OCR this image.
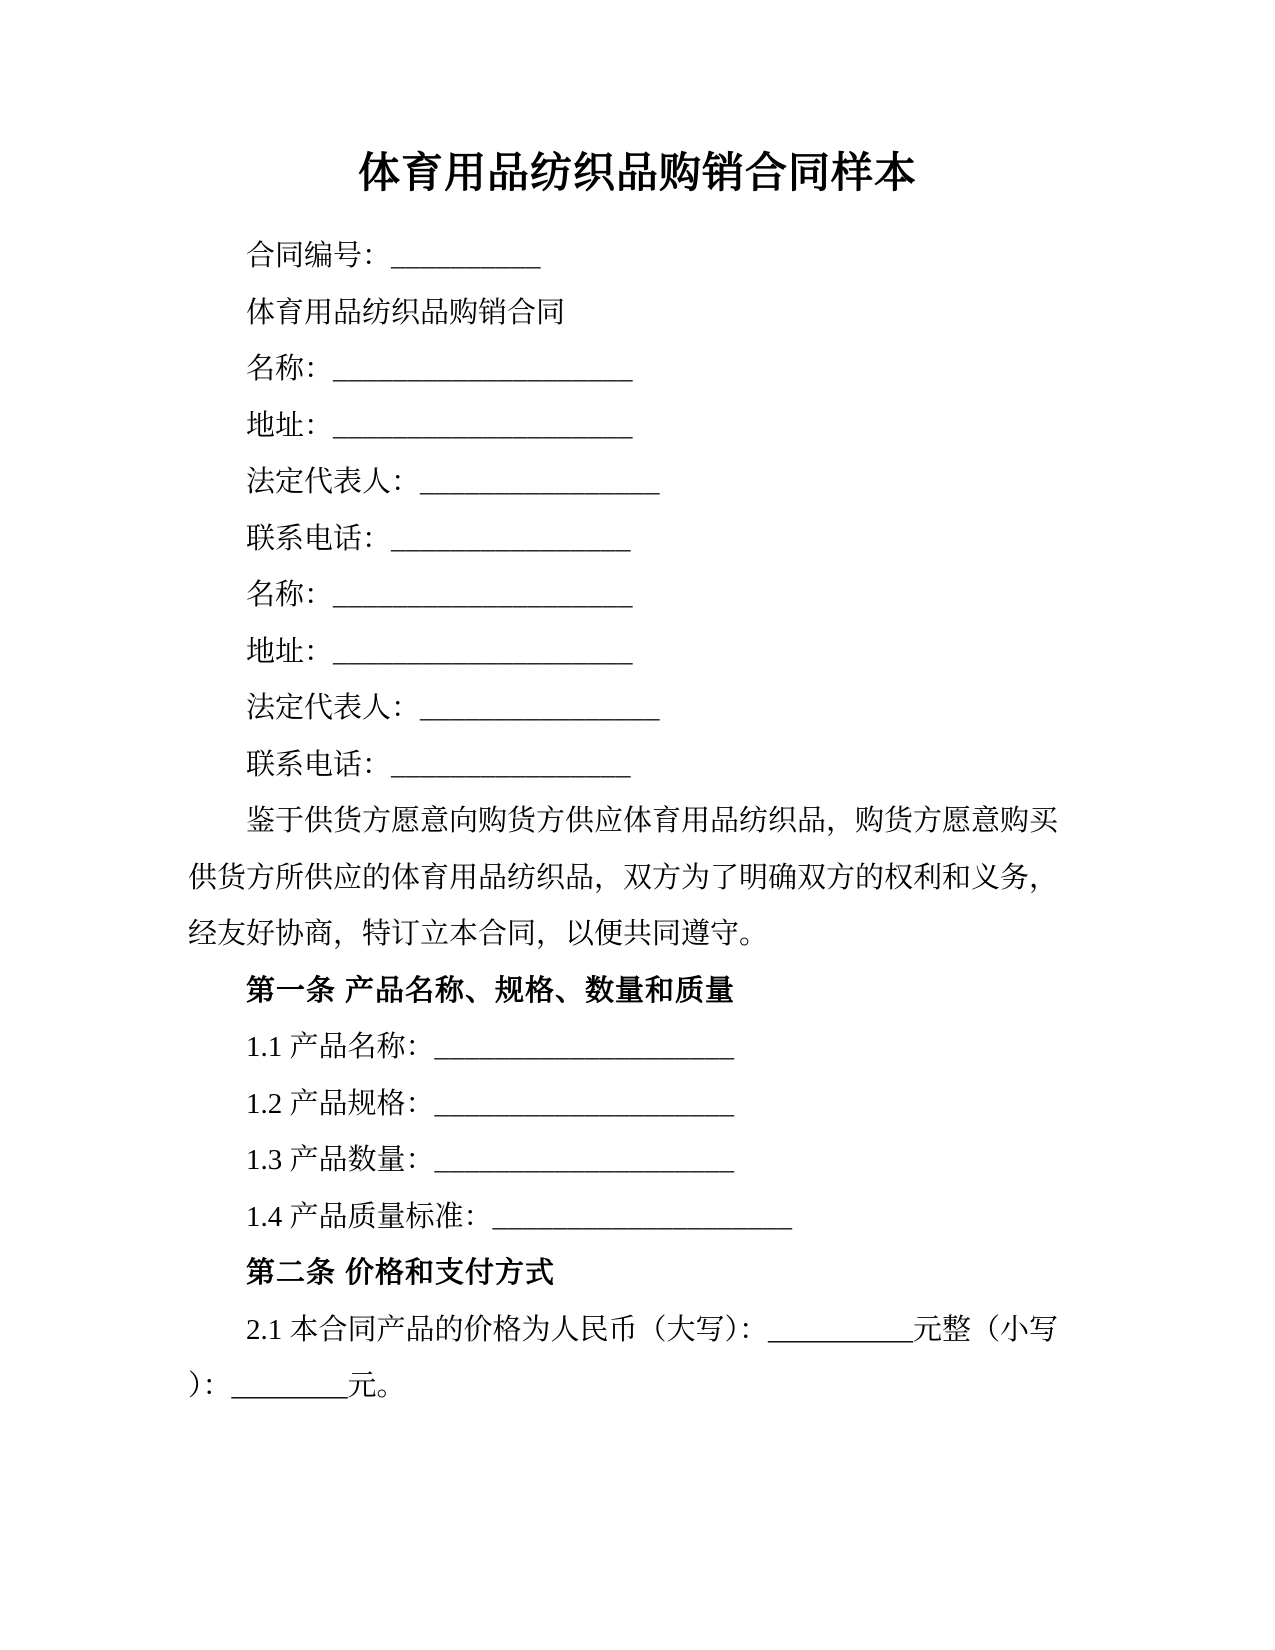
体育用品纺织品购销合同样本

合同编号：__________

体育用品纺织品购销合同

名称：____________________

地址：____________________

法定代表人：________________

联系电话：________________

名称：____________________

地址：____________________

法定代表人：________________

联系电话：________________

鉴于供货方愿意向购货方供应体育用品纺织品，购货方愿意购买

供货方所供应的体育用品纺织品，双方为了明确双方的权利和义务，

经友好协商，特订立本合同，以便共同遵守。

第一条 产品名称、规格、数量和质量

1.1 产品名称：____________________

1.2 产品规格：____________________

1.3 产品数量：____________________

1.4 产品质量标准：____________________

第二条 价格和支付方式

2.1 本合同产品的价格为人民币（大写）：__________元整（小写

）：________元。
